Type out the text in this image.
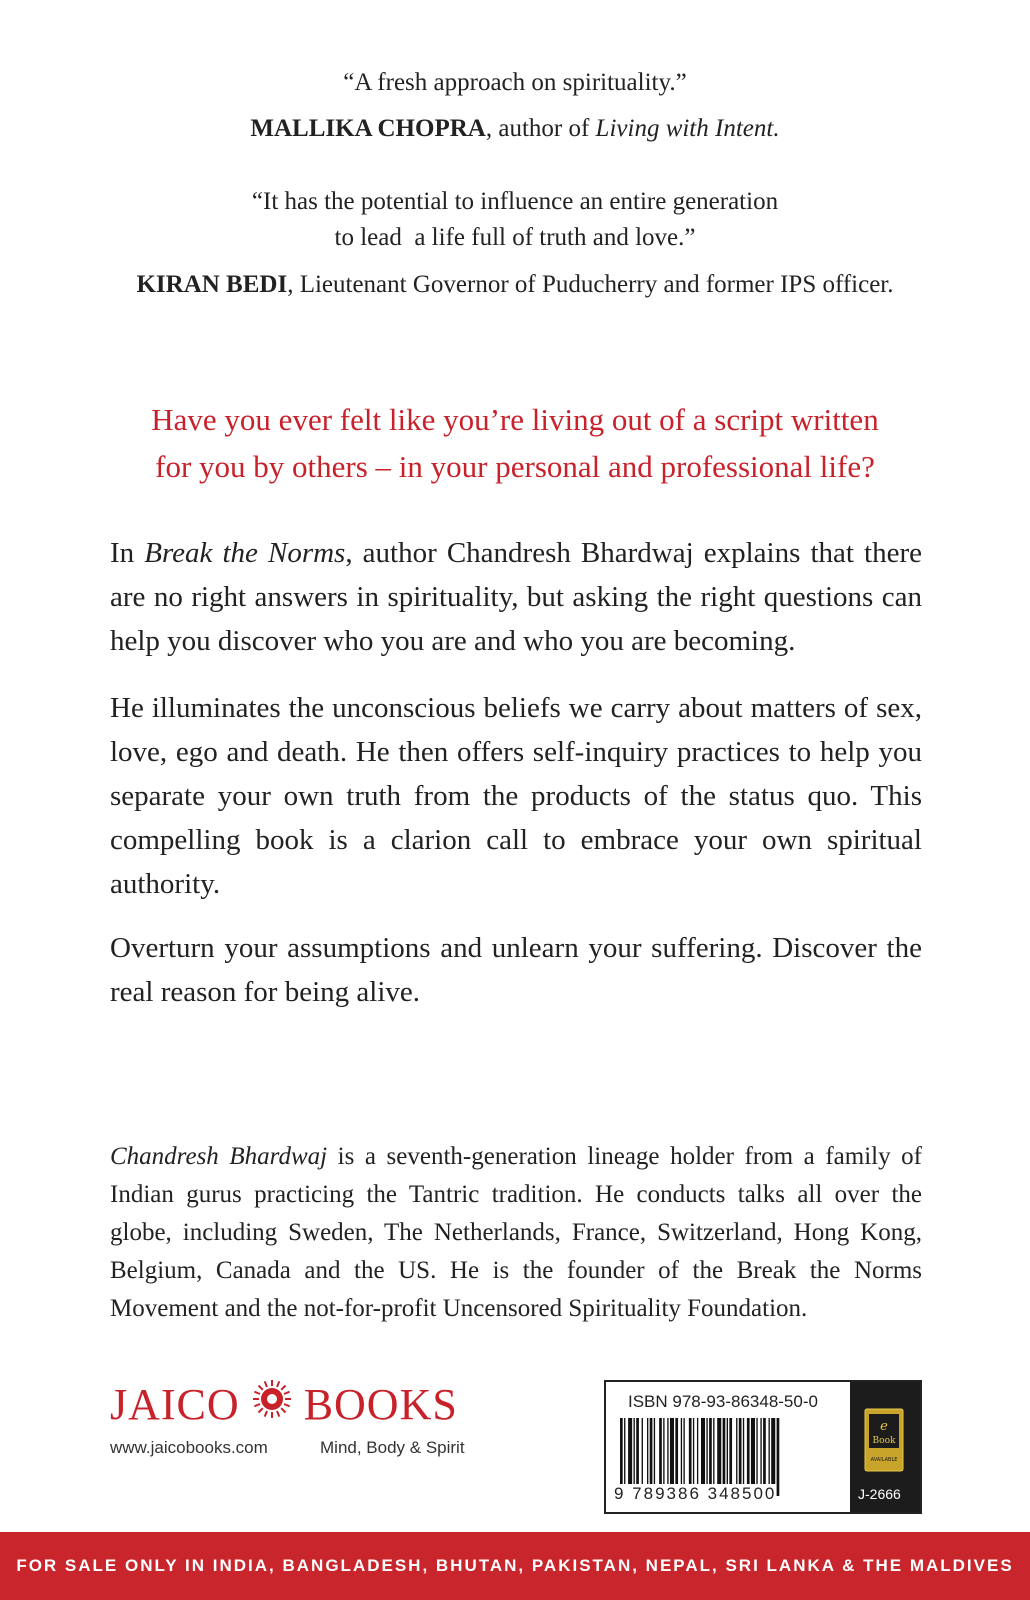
“A fresh approach on spirituality.”
MALLIKA CHOPRA, author of Living with Intent.
“It has the potential to influence an entire generation
to lead  a life full of truth and love.”
KIRAN BEDI, Lieutenant Governor of Puducherry and former IPS officer.
Have you ever felt like you’re living out of a script written
for you by others – in your personal and professional life?

In Break the Norms, author Chandresh Bhardwaj explains that there are no right answers in spirituality, but asking the right questions can help you discover who you are and who you are becoming.

He illuminates the unconscious beliefs we carry about matters of sex, love, ego and death. He then offers self-inquiry practices to help you separate your own truth from the products of the status quo. This compelling book is a clarion call to embrace your own spiritual authority.

Overturn your assumptions and unlearn your suffering. Discover the real reason for being alive.

Chandresh Bhardwaj is a seventh-generation lineage holder from a family of Indian gurus practicing the Tantric tradition. He conducts talks all over the globe, including Sweden, The Netherlands, France, Switzerland, Hong Kong, Belgium, Canada and the US. He is the founder of the Break the Norms Movement and the not-for-profit Uncensored Spirituality Foundation.

JAICO BOOKS
www.jaicobooks.com	Mind, Body & Spirit
ISBN 978-93-86348-50-0
9 789386 348500
e
Book
AVAILABLE
J-2666
FOR SALE ONLY IN INDIA, BANGLADESH, BHUTAN, PAKISTAN, NEPAL, SRI LANKA & THE MALDIVES
